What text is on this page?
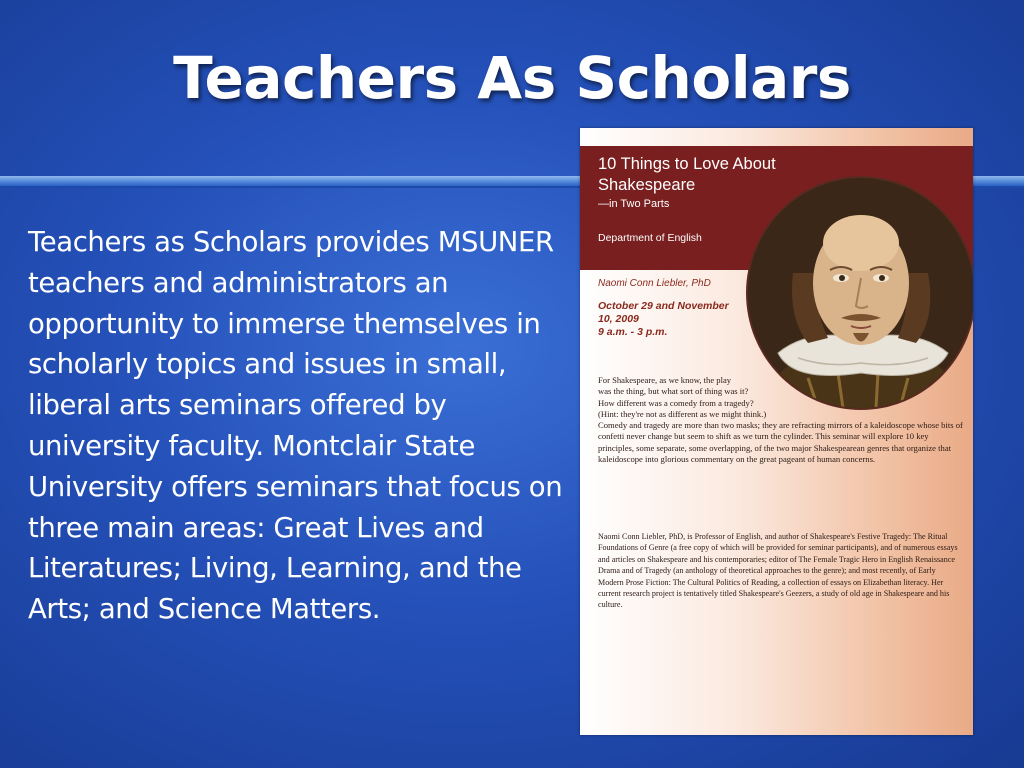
Teachers As Scholars
Teachers as Scholars provides MSUNER teachers and administrators an opportunity to immerse themselves in scholarly topics and issues in small, liberal arts seminars offered by university faculty. Montclair State University offers seminars that focus on three main areas: Great Lives and Literatures; Living, Learning, and the Arts; and Science Matters.
10 Things to Love About Shakespeare
—in Two Parts
Department of English
Naomi Conn Liebler, PhD
October 29 and November 10, 2009
9 a.m. - 3 p.m.
For Shakespeare, as we know, the play
was the thing, but what sort of thing was it?
How different was a comedy from a tragedy?
(Hint: they're not as different as we might think.)
Comedy and tragedy are more than two masks; they are refracting mirrors of a kaleidoscope whose bits of confetti never change but seem to shift as we turn the cylinder. This seminar will explore 10 key principles, some separate, some overlapping, of the two major Shakespearean genres that organize that kaleidoscope into glorious commentary on the great pageant of human concerns.
Naomi Conn Liebler, PhD, is Professor of English, and author of Shakespeare's Festive Tragedy: The Ritual Foundations of Genre (a free copy of which will be provided for seminar participants), and of numerous essays and articles on Shakespeare and his contemporaries; editor of The Female Tragic Hero in English Renaissance Drama and of Tragedy (an anthology of theoretical approaches to the genre); and most recently, of Early Modern Prose Fiction: The Cultural Politics of Reading, a collection of essays on Elizabethan literacy. Her current research project is tentatively titled Shakespeare's Geezers, a study of old age in Shakespeare and his culture.
